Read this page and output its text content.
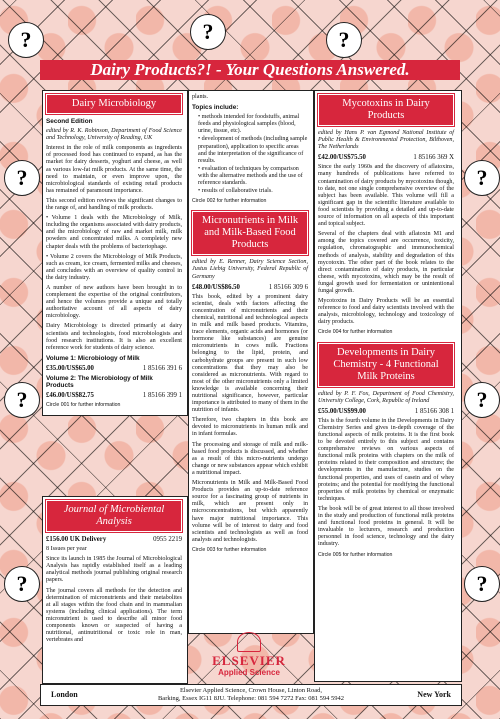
?	?	?
?	?
?	?
?	?
Dairy Products?! - Your Questions Answered.
Dairy Microbiology
Second Edition

edited by R. K. Robinson, Department of Food Science and Technology, University of Reading, UK

Interest in the role of milk components as ingredients of processed food has continued to expand, as has the market for dairy desserts, yoghurt and cheese, as well as various low-fat milk products. At the same time, the need to maintain, or even improve upon, the microbiological standards of existing retail products has remained of paramount importance.

This second edition reviews the significant changes to the range of, and handling of milk products.

• Volume 1 deals with the Microbiology of Milk, including the organisms associated with dairy products, and the microbiology of raw and market milk, milk powders and concentrated milks. A completely new chapter deals with the problems of bacteriophage.

• Volume 2 covers the Microbiology of Milk Products, such as cream, ice cream, fermented milks and cheeses, and concludes with an overview of quality control in the dairy industry.

A number of new authors have been brought in to complement the expertise of the original contributors, and hence the volumes provide a unique and totally authoritative account of all aspects of dairy microbiology.

Dairy Microbiology is directed primarily at dairy scientists and technologists, food microbiologists and food research institutions. It is also an excellent reference work for students of dairy science.

Volume 1: Microbiology of Milk
£35.00/US$65.00	1 85166 391 6
Volume 2: The Microbiology of Milk Products
£46.00/US$82.75	1 85166 399 1
Circle 001 for further information
Journal of Microbiental Analysis
£156.00 UK Delivery	0955 2219

8 Issues per year

Since its launch in 1985 the Journal of Microbiological Analysis has rapidly established itself as a leading analytical methods journal publishing original research papers.

The journal covers all methods for the detection and determination of micronutrients and their metabolites at all stages within the food chain and in mammalian systems (including clinical applications). The term micronutrient is used to describe all minor food components known or suspected of having a nutritional, antinutritional or toxic role in man, vertebrates and

plants.

Topics include:
• methods intended for foodstuffs, animal feeds and physiological samples (blood, urine, tissue, etc).
• development of methods (including sample preparation), application to specific areas and the interpretation of the significance of results.
• evaluation of techniques by comparison with the alternative methods and the use of reference standards.
• results of collaborative trials.
Circle 002 for further information
Micronutrients in Milk and Milk-Based Food Products

edited by E. Renner, Dairy Science Section, Justus Liebig University, Federal Republic of Germany

£48.00/US$86.50	1 85166 309 6

This book, edited by a prominent dairy scientist, deals with factors affecting the concentration of micronutrients and their chemical, nutritional and technological aspects in milk and milk based products. Vitamins, trace elements, organic acids and hormones (or hormone like substances) are genuine micronutrients in cows milk. Fractions belonging to the lipid, protein, and carbohydrate groups are present in such low concentrations that they may also be considered as micronutrients. With regard to most of the other micronutrients only a limited knowledge is available concerning their nutritional significance, however, particular importance is attributed to many of them in the nutrition of infants.

Therefore, two chapters in this book are devoted to micronutrients in human milk and in infant formulas.

The processing and storage of milk and milk-based food products is discussed, and whether as a result of this micro-nutrients undergo change or new substances appear which exhibit a nutritional impact.

Micronutrients in Milk and Milk-Based Food Products provides an up-to-date reference source for a fascinating group of nutrients in milk, which are present only in microconcentrations, but which apparently have major nutritional importance. This volume will be of interest to dairy and food scientists and technologists as well as food analysts and technologists.

Circle 003 for further information
Mycotoxins in Dairy Products

edited by Hans P. van Egmond National Institute of Public Health & Environmental Protection, Bilthoven, The Netherlands

£42.00/US$75.50	1 85166 369 X

Since the early 1960s and the discovery of aflatoxins, many hundreds of publications have referred to contamination of dairy products by mycotoxins though, to date, not one single comprehensive overview of the subject has been available. This volume will fill a significant gap in the scientific literature available to food scientists by providing a detailed and up-to-date source of information on all aspects of this important and topical subject.

Several of the chapters deal with aflatoxin M1 and among the topics covered are occurrence, toxicity, regulation, chromatographic and immunochemical methods of analysis, stability and degradation of this mycotoxin. The other part of the book relates to the direct contamination of dairy products, in particular cheese, with mycotoxins, which may be the result of fungal growth used for fermentation or unintentional fungal growth.

Mycotoxins in Dairy Products will be an essential reference to food and dairy scientists involved with the analysis, microbiology, technology and toxicology of dairy products.

Circle 004 for further information
Developments in Dairy Chemistry - 4 Functional Milk Proteins

edited by P. F. Fox, Department of Food Chemistry, University College, Cork, Republic of Ireland

£55.00/US$99.00	1 85166 308 1

This is the fourth volume in the Developments in Dairy Chemistry Series and gives in-depth coverage of the functional aspects of milk proteins. It is the first book to be devoted entirely to this subject and contains comprehensive reviews on various aspects of functional milk proteins with chapters on the milk of proteins related to their composition and structure; the developments in the manufacture, studies on the functional properties, and uses of casein and of whey proteins; and the potential for modifying the functional properties of milk proteins by chemical or enzymatic techniques.

The book will be of great interest to all those involved in the study and production of functional milk proteins and functional food proteins in general. It will be invaluable to lecturers, research and production personnel in food science, technology and the dairy industry.

Circle 005 for further information
ELSEVIER
Applied Science
London	Elsevier Applied Science, Crown House, Linton Road,
Barking, Essex IG11 8JU. Telephone: 081 594 7272 Fax: 081 594 5942	New York
